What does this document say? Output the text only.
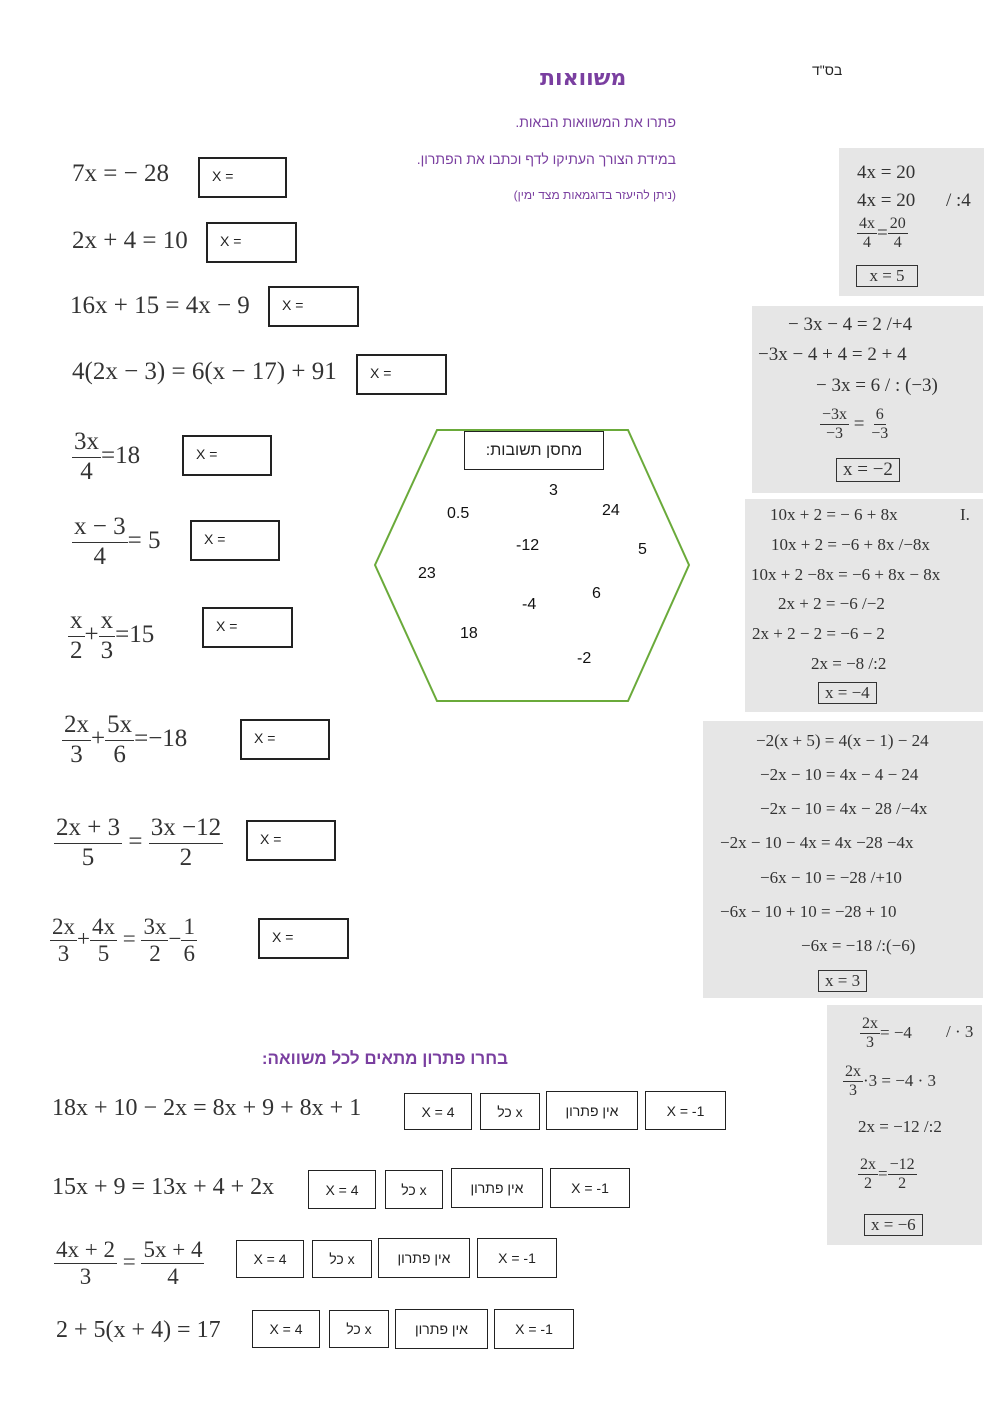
בס"ד
משוואות
פתרו את המשוואות הבאות.
במידת הצורך העתיקו לדף וכתבו את הפתרון.
(ניתן להיעזר בדוגמאות מצד ימין)
7x = − 28	X =
2x + 4 = 10	X =
16x + 15 = 4x − 9	X =
4(2x − 3) = 6(x − 17) + 91	X =
$\frac{3x}{4} =18$	X =
$\frac{x - 3}{4} = 5$	X =
$\frac{x}{2} + \frac{x}{3} =15$	X =
$\frac{2x}{3} + \frac{5x}{6} =-18$	X =
$\frac{2x + 3}{5} = \frac{3x -12}{2}$	X =
$\frac{2x}{3} + \frac{4x}{5} = \frac{3x}{2} - \frac{1}{6}$	X =
מחסן תשובות:
3
24
0.5
-12	5
23
6
-4
18
-2
4x = 20
4x = 20 / :4
$\frac{4x}{4} = \frac{20}{4}$
x = 5
− 3x − 4 = 2 /+4
−3x − 4 + 4 = 2 + 4
− 3x = 6 / : (−3)
$\frac{-3x}{-3} = \frac{6}{-3}$
x = −2
10x + 2 = − 6 + 8x	I.
10x + 2 = −6 + 8x /−8x
10x + 2 −8x = −6 + 8x − 8x
2x + 2 = −6 /−2
2x + 2 − 2 = −6 − 2
2x = −8 /:2
x = −4
−2(x + 5) = 4(x − 1) − 24
−2x − 10 = 4x − 4 − 24
−2x − 10 = 4x − 28 /−4x
−2x − 10 − 4x = 4x −28 −4x
−6x − 10 = −28 /+10
−6x − 10 + 10 = −28 + 10
−6x = −18 /:(−6)
x = 3
$\frac{2x}{3} = -4$ / · 3
$\frac{2x}{3} \cdot 3 = -4 \cdot 3$
2x = −12 /:2
$\frac{2x}{2} = \frac{-12}{2}$
x = −6
בחרו פתרון מתאים לכל משוואה:
18x + 10 − 2x = 8x + 9 + 8x + 1	X = 4	כל x	אין פתרון	X = -1
15x + 9 = 13x + 4 + 2x	X = 4	כל x	אין פתרון	X = -1
$\frac{4x + 2}{3} = \frac{5x + 4}{4}$	X = 4	כל x	אין פתרון	X = -1
2 + 5(x + 4) = 17	X = 4	כל x	אין פתרון	X = -1
